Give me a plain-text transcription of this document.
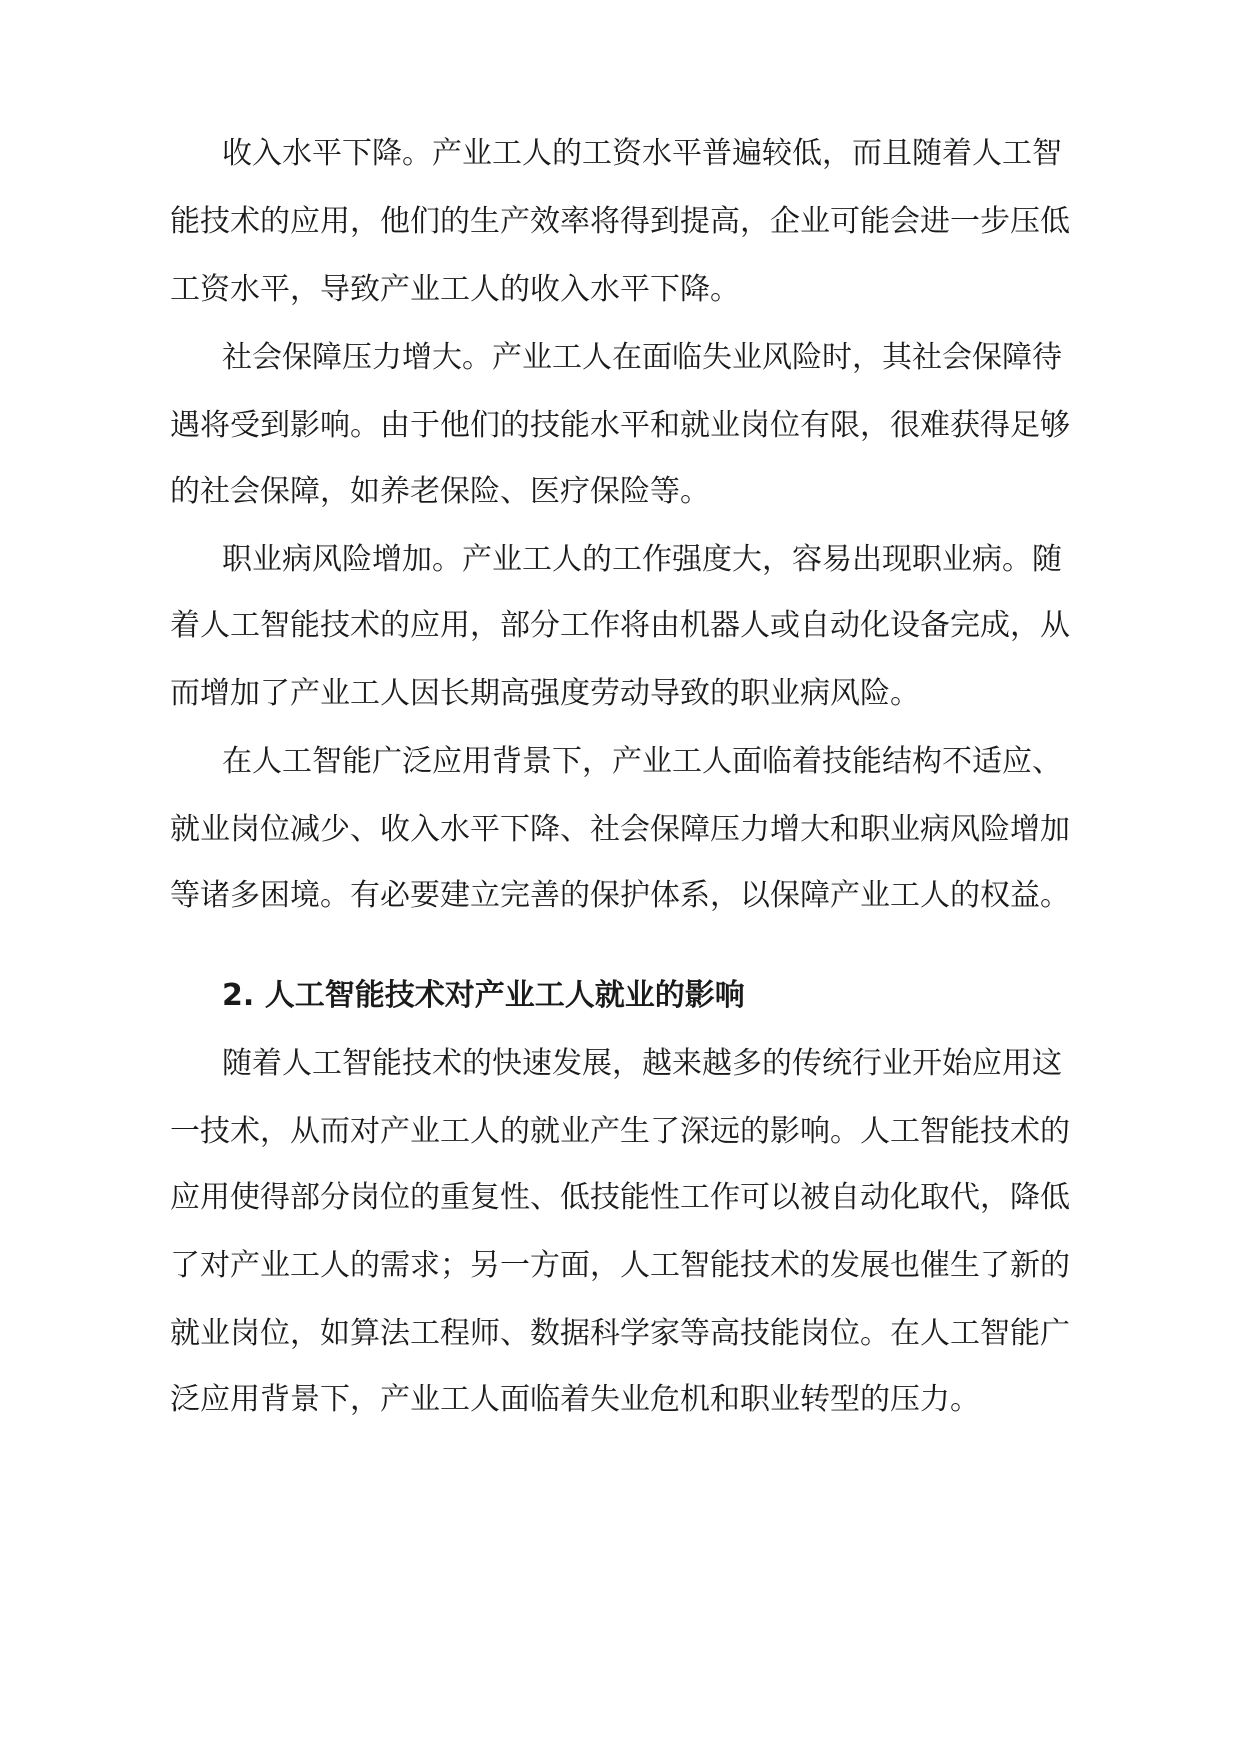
收入水平下降。产业工人的工资水平普遍较低，而且随着人工智
能技术的应用，他们的生产效率将得到提高，企业可能会进一步压低
工资水平，导致产业工人的收入水平下降。
社会保障压力增大。产业工人在面临失业风险时，其社会保障待
遇将受到影响。由于他们的技能水平和就业岗位有限，很难获得足够
的社会保障，如养老保险、医疗保险等。
职业病风险增加。产业工人的工作强度大，容易出现职业病。随
着人工智能技术的应用，部分工作将由机器人或自动化设备完成，从
而增加了产业工人因长期高强度劳动导致的职业病风险。
在人工智能广泛应用背景下，产业工人面临着技能结构不适应、
就业岗位减少、收入水平下降、社会保障压力增大和职业病风险增加
等诸多困境。有必要建立完善的保护体系，以保障产业工人的权益。
2. 人工智能技术对产业工人就业的影响
随着人工智能技术的快速发展，越来越多的传统行业开始应用这
一技术，从而对产业工人的就业产生了深远的影响。人工智能技术的
应用使得部分岗位的重复性、低技能性工作可以被自动化取代，降低
了对产业工人的需求；另一方面，人工智能技术的发展也催生了新的
就业岗位，如算法工程师、数据科学家等高技能岗位。在人工智能广
泛应用背景下，产业工人面临着失业危机和职业转型的压力。
